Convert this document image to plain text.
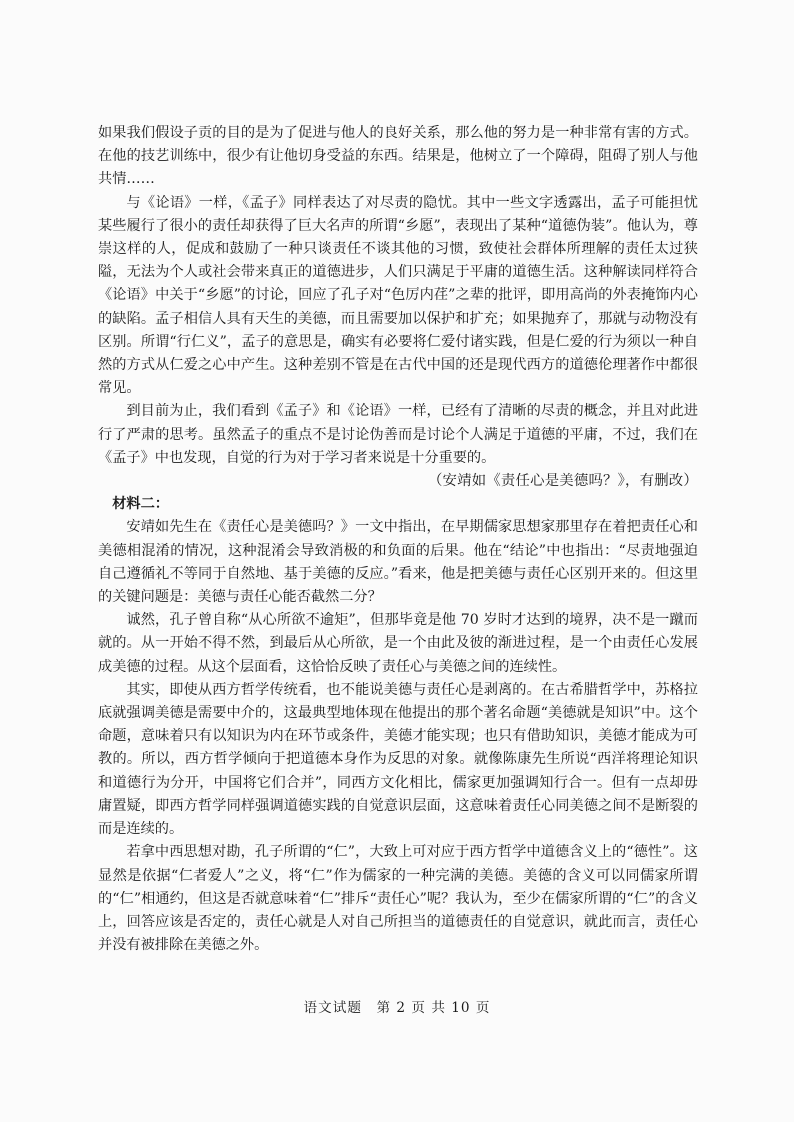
如果我们假设子贡的目的是为了促进与他人的良好关系，那么他的努力是一种非常有害的方式。在他的技艺训练中，很少有让他切身受益的东西。结果是，他树立了一个障碍，阻碍了别人与他共情……

与《论语》一样，《孟子》同样表达了对尽责的隐忧。其中一些文字透露出，孟子可能担忧某些履行了很小的责任却获得了巨大名声的所谓“乡愿”，表现出了某种“道德伪装”。他认为，尊崇这样的人，促成和鼓励了一种只谈责任不谈其他的习惯，致使社会群体所理解的责任太过狭隘，无法为个人或社会带来真正的道德进步，人们只满足于平庸的道德生活。这种解读同样符合《论语》中关于“乡愿”的讨论，回应了孔子对“色厉内荏”之辈的批评，即用高尚的外表掩饰内心的缺陷。孟子相信人具有天生的美德，而且需要加以保护和扩充；如果抛弃了，那就与动物没有区别。所谓“行仁义”，孟子的意思是，确实有必要将仁爱付诸实践，但是仁爱的行为须以一种自然的方式从仁爱之心中产生。这种差别不管是在古代中国的还是现代西方的道德伦理著作中都很常见。

到目前为止，我们看到《孟子》和《论语》一样，已经有了清晰的尽责的概念，并且对此进行了严肃的思考。虽然孟子的重点不是讨论伪善而是讨论个人满足于道德的平庸，不过，我们在《孟子》中也发现，自觉的行为对于学习者来说是十分重要的。

（安靖如《责任心是美德吗？》，有删改）

材料二：

安靖如先生在《责任心是美德吗？》一文中指出，在早期儒家思想家那里存在着把责任心和美德相混淆的情况，这种混淆会导致消极的和负面的后果。他在“结论”中也指出：“尽责地强迫自己遵循礼不等同于自然地、基于美德的反应。”看来，他是把美德与责任心区别开来的。但这里的关键问题是：美德与责任心能否截然二分？

诚然，孔子曾自称“从心所欲不逾矩”，但那毕竟是他 70 岁时才达到的境界，决不是一蹴而就的。从一开始不得不然，到最后从心所欲，是一个由此及彼的渐进过程，是一个由责任心发展成美德的过程。从这个层面看，这恰恰反映了责任心与美德之间的连续性。

其实，即使从西方哲学传统看，也不能说美德与责任心是剥离的。在古希腊哲学中，苏格拉底就强调美德是需要中介的，这最典型地体现在他提出的那个著名命题“美德就是知识”中。这个命题，意味着只有以知识为内在环节或条件，美德才能实现；也只有借助知识，美德才能成为可教的。所以，西方哲学倾向于把道德本身作为反思的对象。就像陈康先生所说“西洋将理论知识和道德行为分开，中国将它们合并”，同西方文化相比，儒家更加强调知行合一。但有一点却毋庸置疑，即西方哲学同样强调道德实践的自觉意识层面，这意味着责任心同美德之间不是断裂的而是连续的。

若拿中西思想对勘，孔子所谓的“仁”，大致上可对应于西方哲学中道德含义上的“德性”。这显然是依据“仁者爱人”之义，将“仁”作为儒家的一种完满的美德。美德的含义可以同儒家所谓的“仁”相通约，但这是否就意味着“仁”排斥“责任心”呢？我认为，至少在儒家所谓的“仁”的含义上，回答应该是否定的，责任心就是人对自己所担当的道德责任的自觉意识，就此而言，责任心并没有被排除在美德之外。

语文试题　第 2 页 共 10 页
